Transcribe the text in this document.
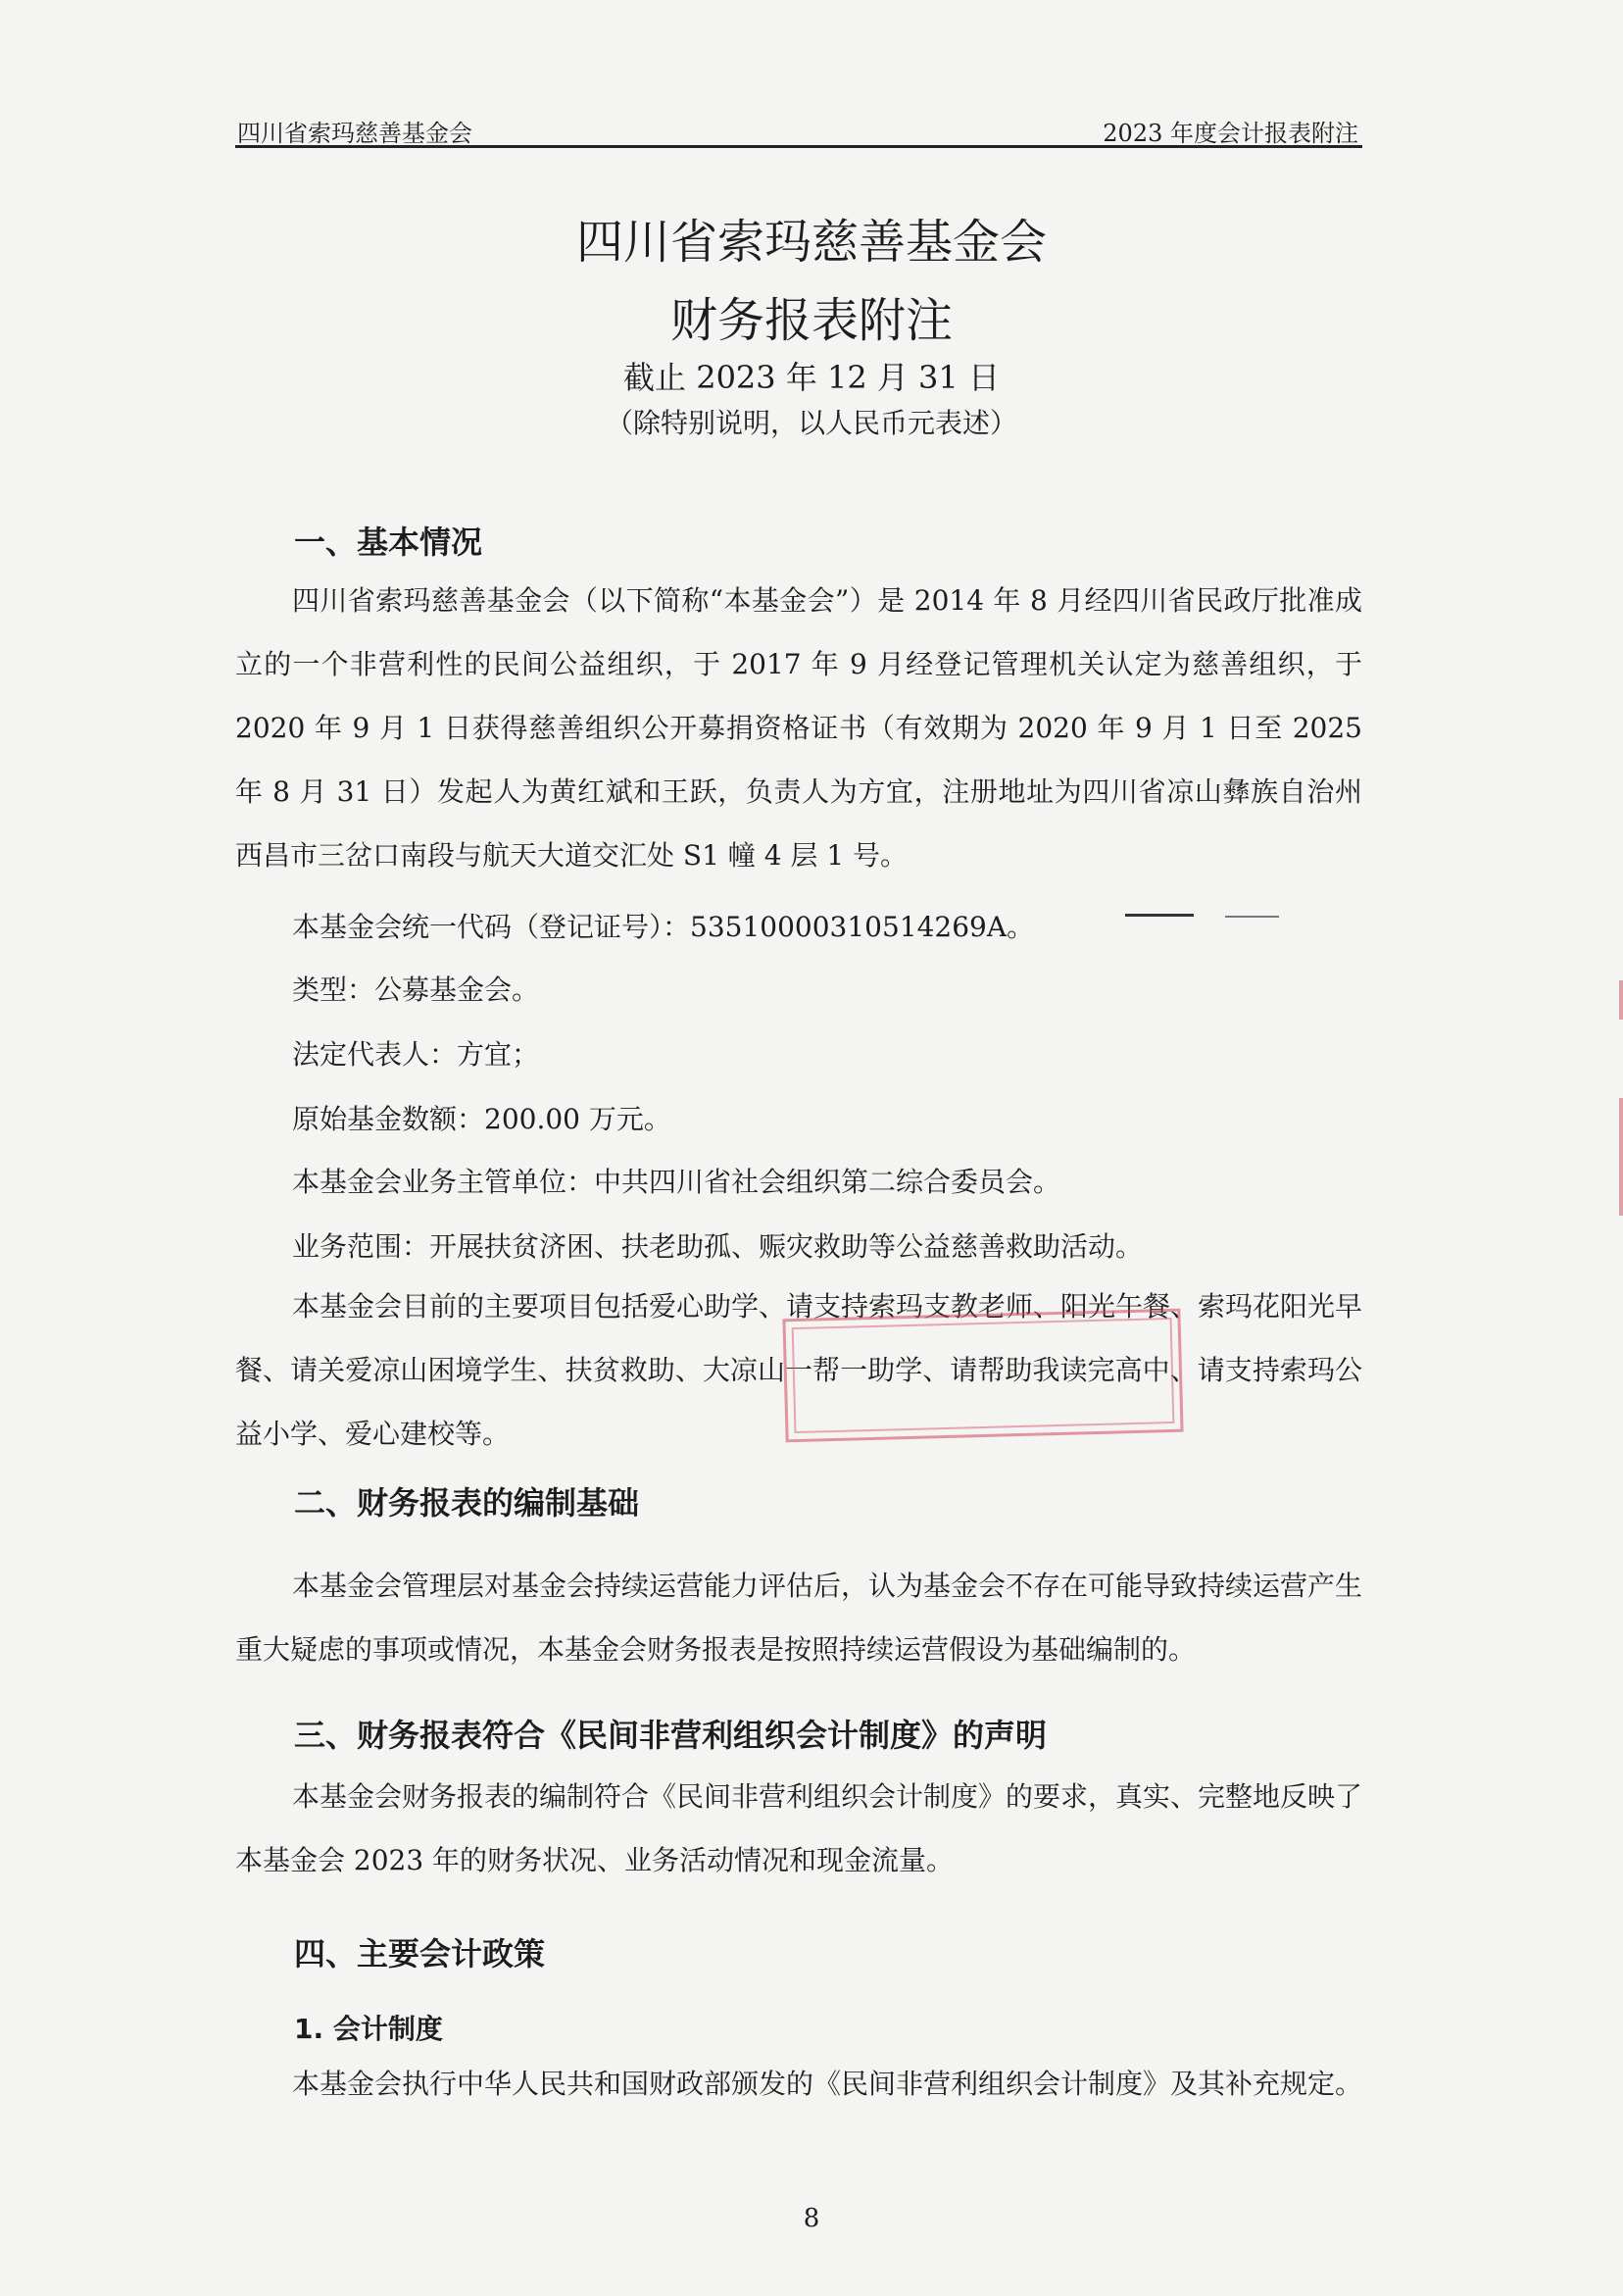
四川省索玛慈善基金会	2023 年度会计报表附注
四川省索玛慈善基金会
财务报表附注
截止 2023 年 12 月 31 日
（除特别说明，以人民币元表述）
一、基本情况

四川省索玛慈善基金会（以下简称“本基金会”）是 2014 年 8 月经四川省民政厅批准成立的一个非营利性的民间公益组织，于 2017 年 9 月经登记管理机关认定为慈善组织，于 2020 年 9 月 1 日获得慈善组织公开募捐资格证书（有效期为 2020 年 9 月 1 日至 2025 年 8 月 31 日）发起人为黄红斌和王跃，负责人为方宜，注册地址为四川省凉山彝族自治州西昌市三岔口南段与航天大道交汇处 S1 幢 4 层 1 号。

本基金会统一代码（登记证号）：53510000310514269A。
类型：公募基金会。
法定代表人：方宜；
原始基金数额：200.00 万元。
本基金会业务主管单位：中共四川省社会组织第二综合委员会。
业务范围：开展扶贫济困、扶老助孤、赈灾救助等公益慈善救助活动。

本基金会目前的主要项目包括爱心助学、请支持索玛支教老师、阳光午餐、索玛花阳光早餐、请关爱凉山困境学生、扶贫救助、大凉山一帮一助学、请帮助我读完高中、请支持索玛公益小学、爱心建校等。

二、财务报表的编制基础

本基金会管理层对基金会持续运营能力评估后，认为基金会不存在可能导致持续运营产生重大疑虑的事项或情况，本基金会财务报表是按照持续运营假设为基础编制的。

三、财务报表符合《民间非营利组织会计制度》的声明

本基金会财务报表的编制符合《民间非营利组织会计制度》的要求，真实、完整地反映了本基金会 2023 年的财务状况、业务活动情况和现金流量。

四、主要会计政策
1. 会计制度
本基金会执行中华人民共和国财政部颁发的《民间非营利组织会计制度》及其补充规定。
8
